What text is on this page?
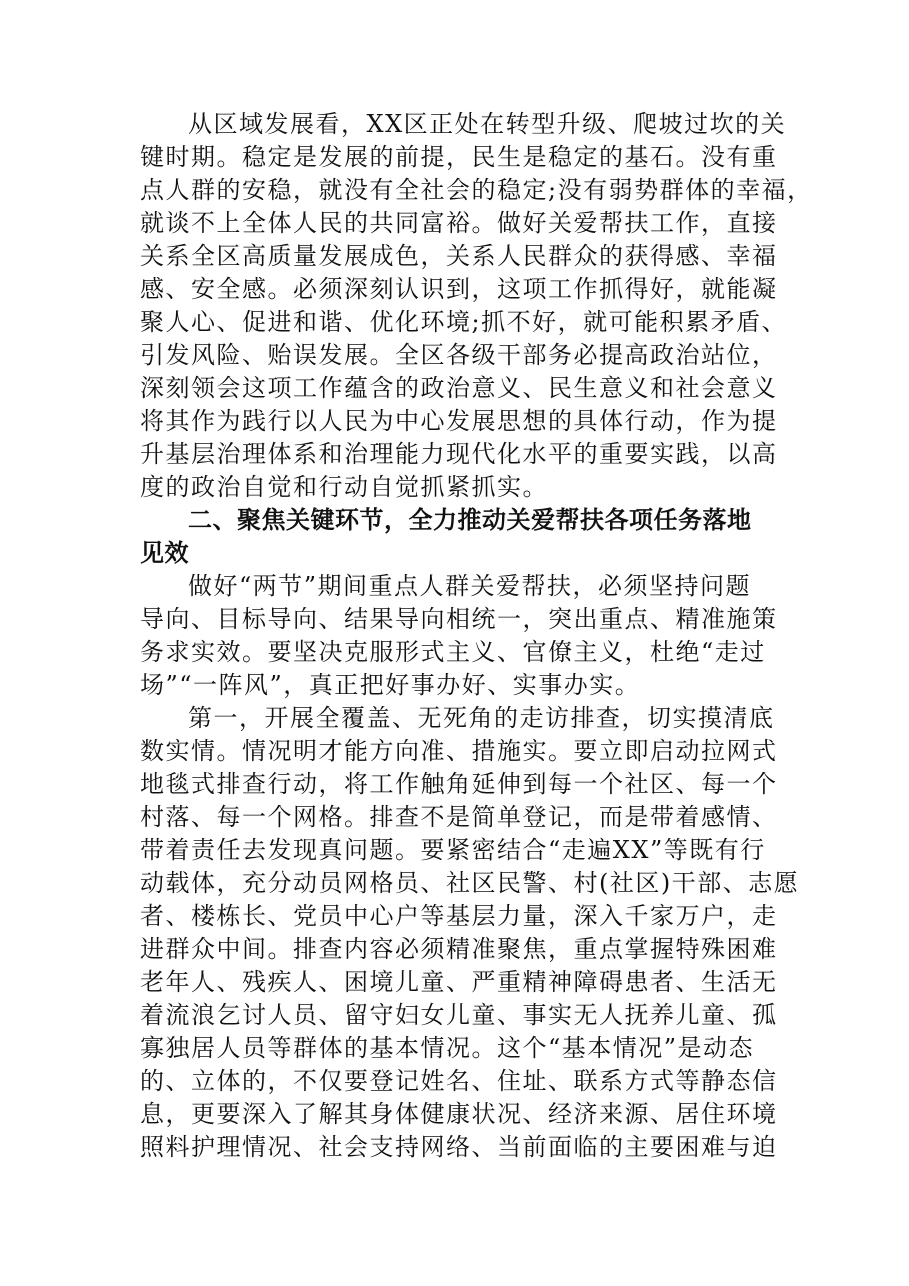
从区域发展看，XX区正处在转型升级、爬坡过坎的关
键时期。稳定是发展的前提，民生是稳定的基石。没有重
点人群的安稳，就没有全社会的稳定;没有弱势群体的幸福，
就谈不上全体人民的共同富裕。做好关爱帮扶工作，直接
关系全区高质量发展成色，关系人民群众的获得感、幸福
感、安全感。必须深刻认识到，这项工作抓得好，就能凝
聚人心、促进和谐、优化环境;抓不好，就可能积累矛盾、
引发风险、贻误发展。全区各级干部务必提高政治站位，
深刻领会这项工作蕴含的政治意义、民生意义和社会意义
将其作为践行以人民为中心发展思想的具体行动，作为提
升基层治理体系和治理能力现代化水平的重要实践，以高
度的政治自觉和行动自觉抓紧抓实。
二、聚焦关键环节，全力推动关爱帮扶各项任务落地
见效
做好“两节”期间重点人群关爱帮扶，必须坚持问题
导向、目标导向、结果导向相统一，突出重点、精准施策
务求实效。要坚决克服形式主义、官僚主义，杜绝“走过
场”“一阵风”，真正把好事办好、实事办实。
第一，开展全覆盖、无死角的走访排查，切实摸清底
数实情。情况明才能方向准、措施实。要立即启动拉网式
地毯式排查行动，将工作触角延伸到每一个社区、每一个
村落、每一个网格。排查不是简单登记，而是带着感情、
带着责任去发现真问题。要紧密结合“走遍XX”等既有行
动载体，充分动员网格员、社区民警、村(社区)干部、志愿
者、楼栋长、党员中心户等基层力量，深入千家万户，走
进群众中间。排查内容必须精准聚焦，重点掌握特殊困难
老年人、残疾人、困境儿童、严重精神障碍患者、生活无
着流浪乞讨人员、留守妇女儿童、事实无人抚养儿童、孤
寡独居人员等群体的基本情况。这个“基本情况”是动态
的、立体的，不仅要登记姓名、住址、联系方式等静态信
息，更要深入了解其身体健康状况、经济来源、居住环境
照料护理情况、社会支持网络、当前面临的主要困难与迫
